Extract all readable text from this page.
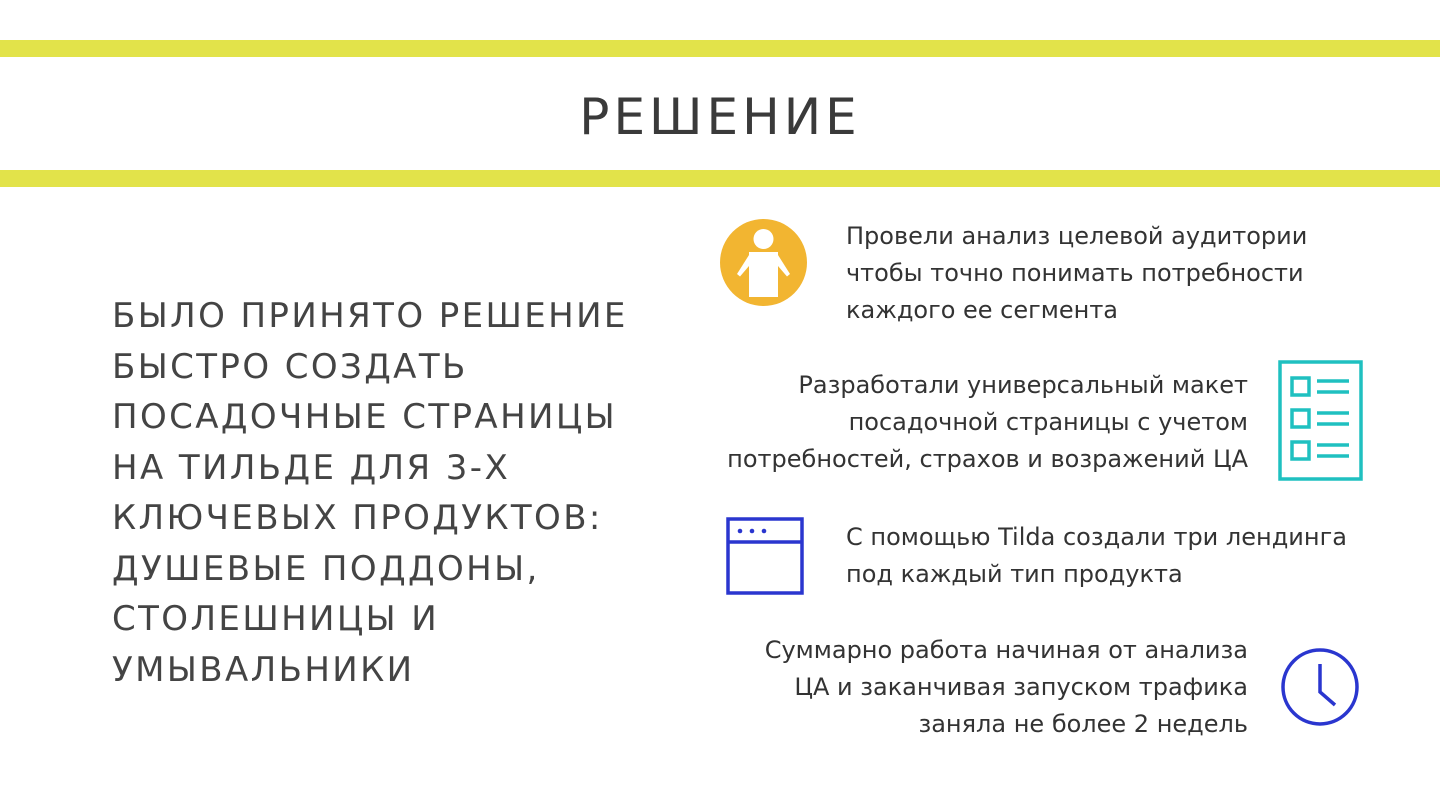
РЕШЕНИЕ

БЫЛО ПРИНЯТО РЕШЕНИЕ БЫСТРО СОЗДАТЬ ПОСАДОЧНЫЕ СТРАНИЦЫ НА ТИЛЬДЕ ДЛЯ 3-Х КЛЮЧЕВЫХ ПРОДУКТОВ: ДУШЕВЫЕ ПОДДОНЫ, СТОЛЕШНИЦЫ И УМЫВАЛЬНИКИ

Провели анализ целевой аудитории
чтобы точно понимать потребности
каждого ее сегмента

Разработали универсальный макет
посадочной страницы с учетом
потребностей, страхов и возражений ЦА

С помощью Tilda создали три лендинга
под каждый тип продукта

Суммарно работа начиная от анализа
ЦА и заканчивая запуском трафика
заняла не более 2 недель
